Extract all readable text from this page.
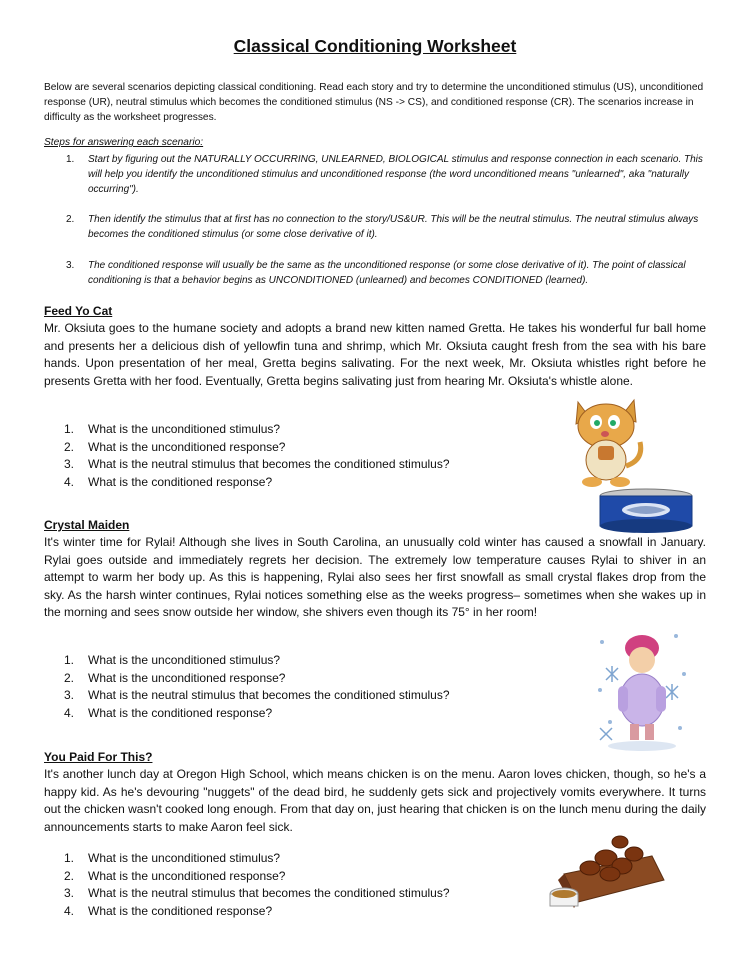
Classical Conditioning Worksheet
Below are several scenarios depicting classical conditioning. Read each story and try to determine the unconditioned stimulus (US), unconditioned response (UR), neutral stimulus which becomes the conditioned stimulus (NS -> CS), and conditioned response (CR). The scenarios increase in difficulty as the worksheet progresses.
Steps for answering each scenario:
1. Start by figuring out the NATURALLY OCCURRING, UNLEARNED, BIOLOGICAL stimulus and response connection in each scenario. This will help you identify the unconditioned stimulus and unconditioned response (the word unconditioned means "unlearned", aka "naturally occurring").
2. Then identify the stimulus that at first has no connection to the story/US&UR. This will be the neutral stimulus. The neutral stimulus always becomes the conditioned stimulus (or some close derivative of it).
3. The conditioned response will usually be the same as the unconditioned response (or some close derivative of it). The point of classical conditioning is that a behavior begins as UNCONDITIONED (unlearned) and becomes CONDITIONED (learned).
Feed Yo Cat
Mr. Oksiuta goes to the humane society and adopts a brand new kitten named Gretta. He takes his wonderful fur ball home and presents her a delicious dish of yellowfin tuna and shrimp, which Mr. Oksiuta caught fresh from the sea with his bare hands. Upon presentation of her meal, Gretta begins salivating. For the next week, Mr. Oksiuta whistles right before he presents Gretta with her food. Eventually, Gretta begins salivating just from hearing Mr. Oksiuta's whistle alone.
1. What is the unconditioned stimulus?
2. What is the unconditioned response?
3. What is the neutral stimulus that becomes the conditioned stimulus?
4. What is the conditioned response?
Crystal Maiden
It's winter time for Rylai! Although she lives in South Carolina, an unusually cold winter has caused a snowfall in January. Rylai goes outside and immediately regrets her decision. The extremely low temperature causes Rylai to shiver in an attempt to warm her body up. As this is happening, Rylai also sees her first snowfall as small crystal flakes drop from the sky. As the harsh winter continues, Rylai notices something else as the weeks progress– sometimes when she wakes up in the morning and sees snow outside her window, she shivers even though its 75° in her room!
1. What is the unconditioned stimulus?
2. What is the unconditioned response?
3. What is the neutral stimulus that becomes the conditioned stimulus?
4. What is the conditioned response?
You Paid For This?
It's another lunch day at Oregon High School, which means chicken is on the menu. Aaron loves chicken, though, so he's a happy kid. As he's devouring "nuggets" of the dead bird, he suddenly gets sick and projectively vomits everywhere. It turns out the chicken wasn't cooked long enough. From that day on, just hearing that chicken is on the lunch menu during the daily announcements starts to make Aaron feel sick.
1. What is the unconditioned stimulus?
2. What is the unconditioned response?
3. What is the neutral stimulus that becomes the conditioned stimulus?
4. What is the conditioned response?
